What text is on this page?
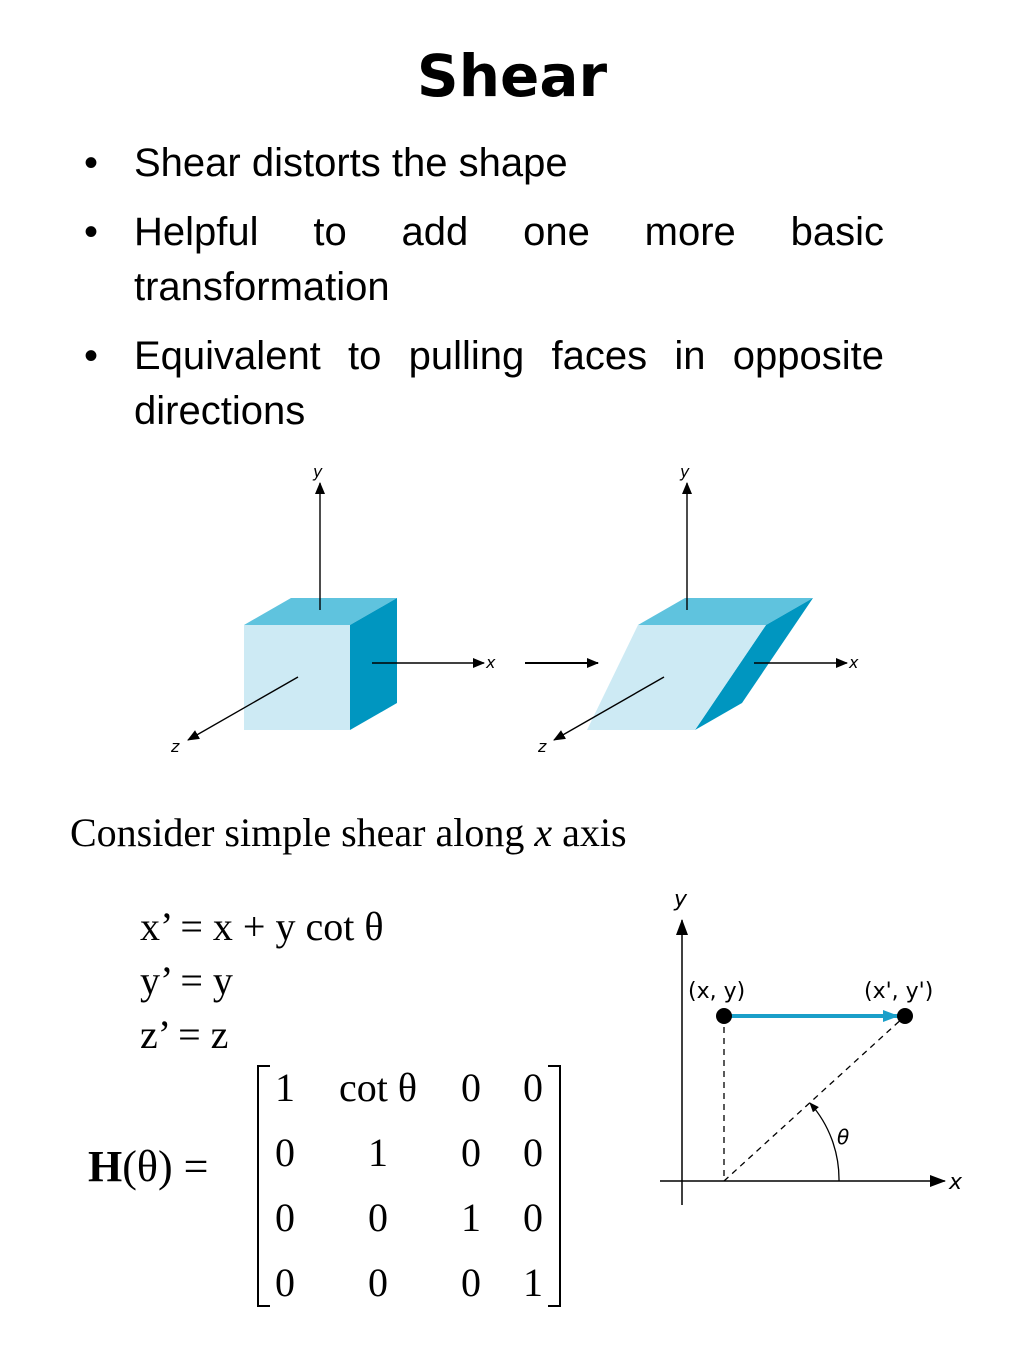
Shear
• Shear distorts the shape
• Helpful to add one more basic transformation
• Equivalent to pulling faces in opposite directions
y
x
z
y
x
z
Consider simple shear along x axis
x’ = x + y cot θ
y’ = y
z’ = z
H(θ) =
1	cot θ	0	0
0	1	0	0
0	0	1	0
0	0	0	1
y
x
θ
(x, y)	(x', y')
